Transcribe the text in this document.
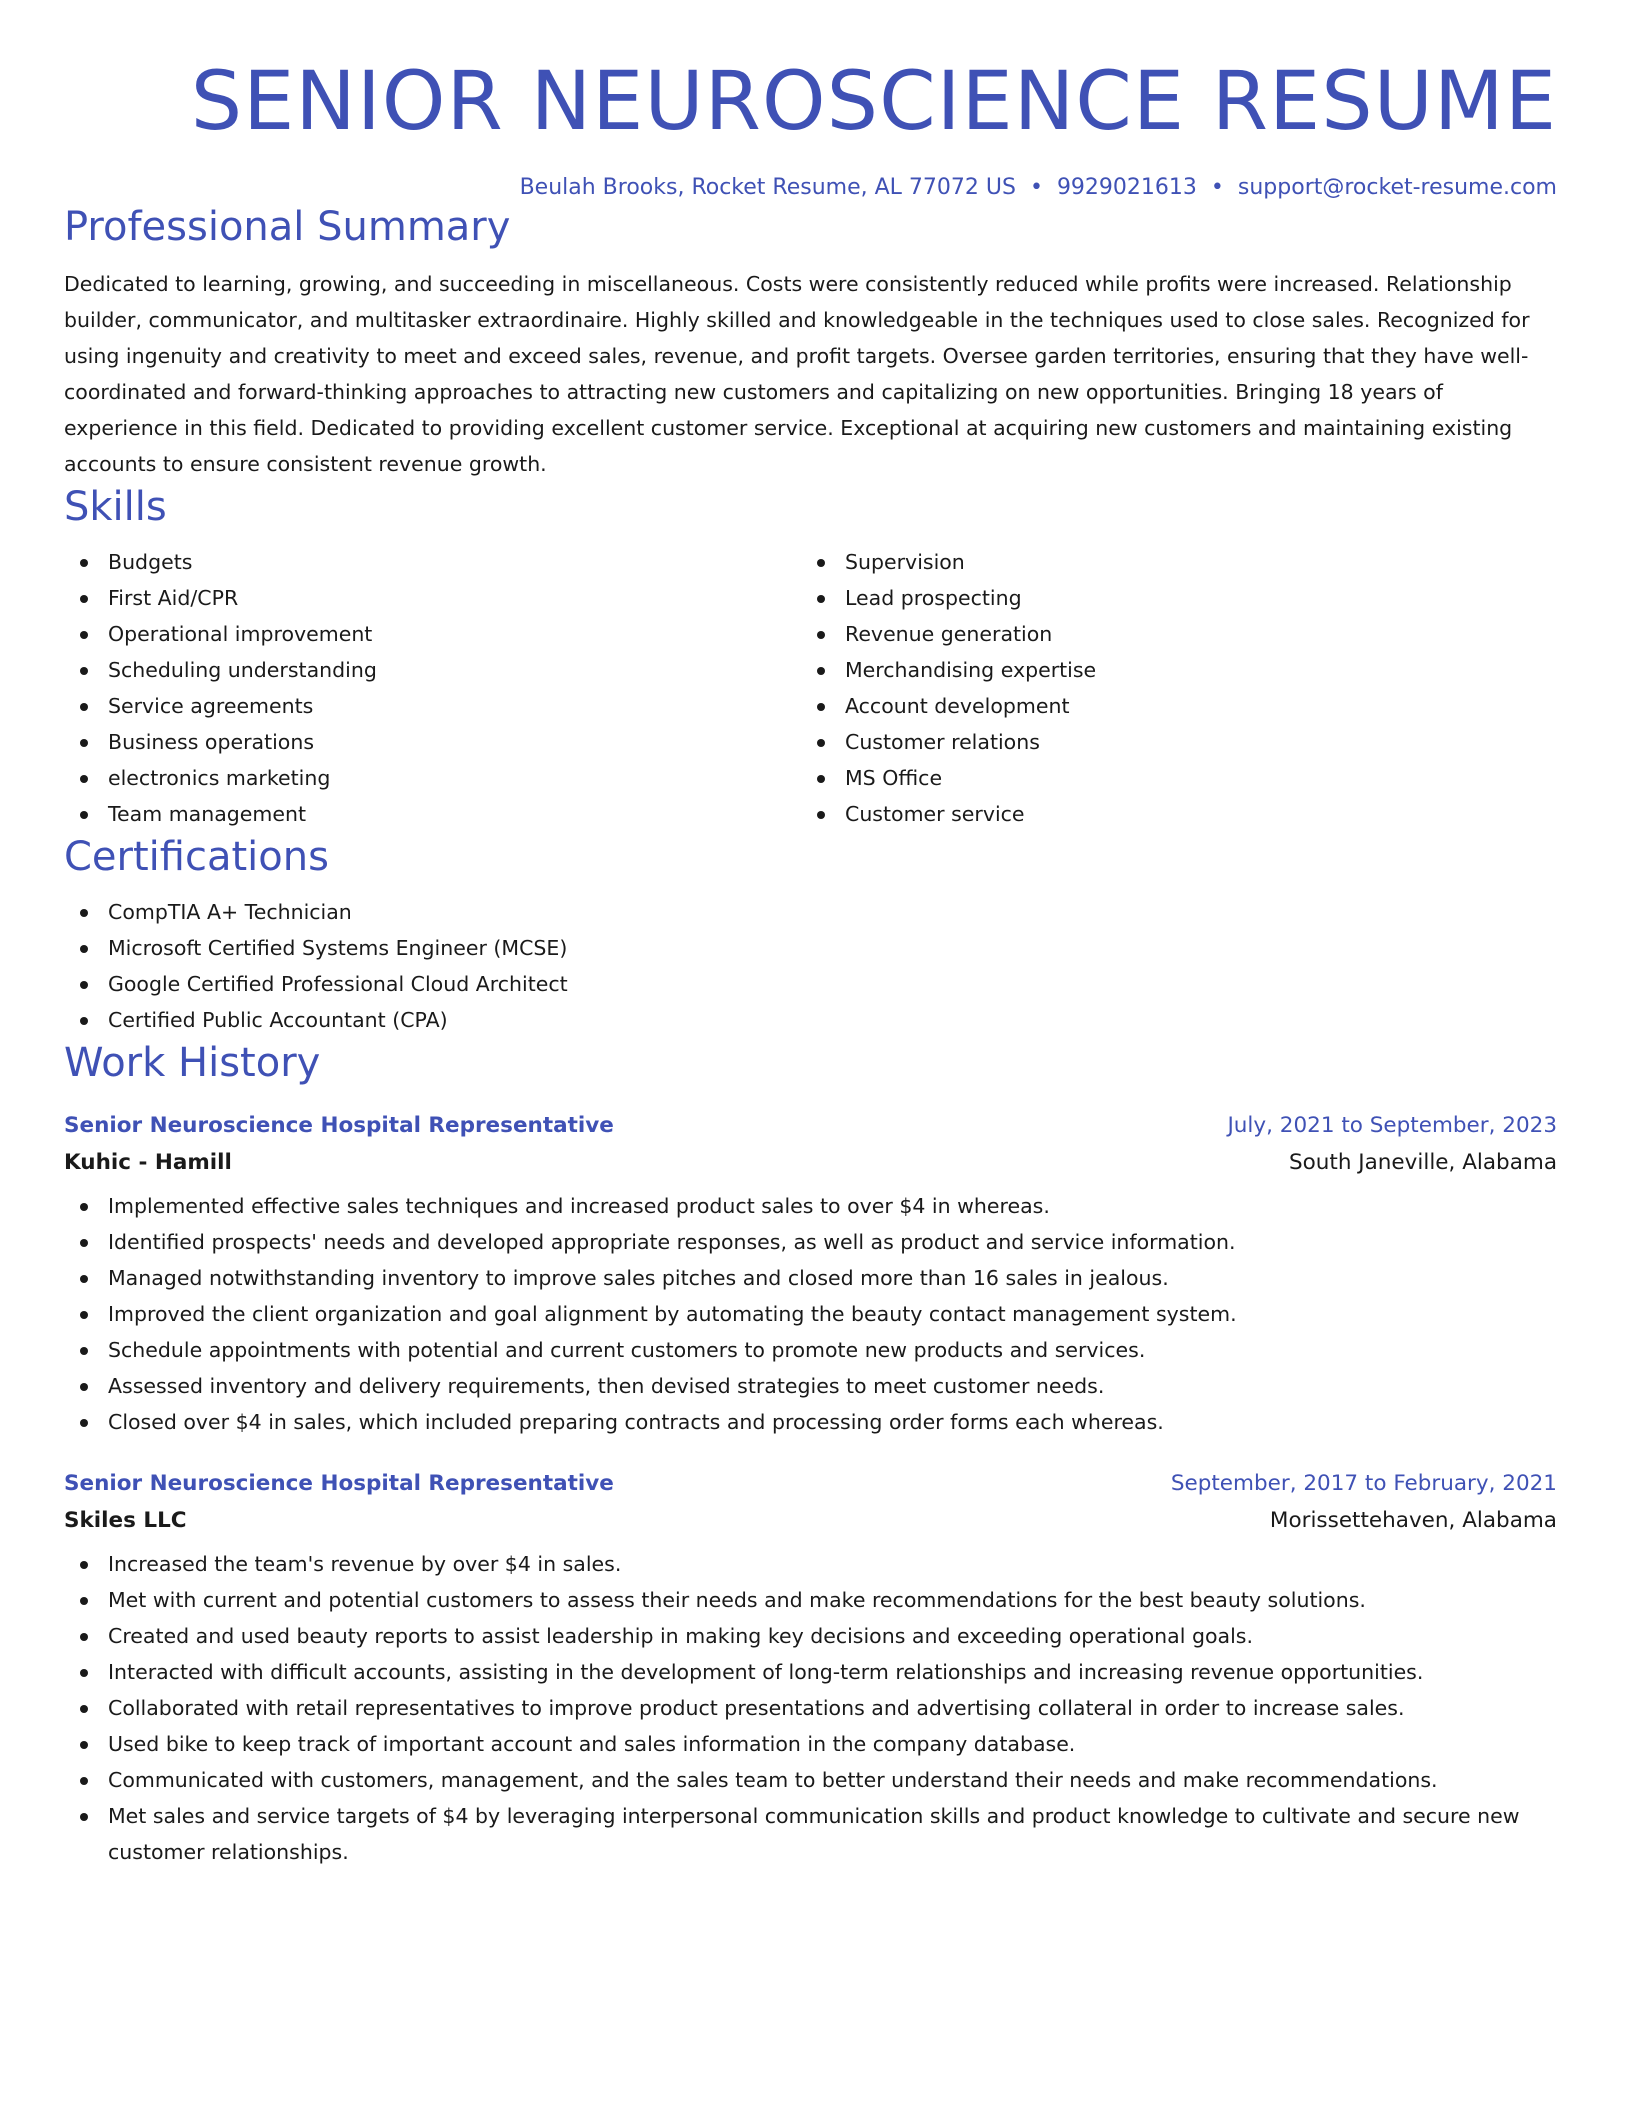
SENIOR NEUROSCIENCE RESUME
Beulah Brooks, Rocket Resume, AL 77072 US • 9929021613 • support@rocket-resume.com
Professional Summary

Dedicated to learning, growing, and succeeding in miscellaneous. Costs were consistently reduced while profits were increased. Relationship builder, communicator, and multitasker extraordinaire. Highly skilled and knowledgeable in the techniques used to close sales. Recognized for using ingenuity and creativity to meet and exceed sales, revenue, and profit targets. Oversee garden territories, ensuring that they have well-coordinated and forward-thinking approaches to attracting new customers and capitalizing on new opportunities. Bringing 18 years of experience in this field. Dedicated to providing excellent customer service. Exceptional at acquiring new customers and maintaining existing accounts to ensure consistent revenue growth.

Skills
Budgets
First Aid/CPR
Operational improvement
Scheduling understanding
Service agreements
Business operations
electronics marketing
Team management
Supervision
Lead prospecting
Revenue generation
Merchandising expertise
Account development
Customer relations
MS Office
Customer service
Certifications
CompTIA A+ Technician
Microsoft Certified Systems Engineer (MCSE)
Google Certified Professional Cloud Architect
Certified Public Accountant (CPA)
Work History
Senior Neuroscience Hospital Representative	July, 2021 to September, 2023
Kuhic - Hamill	South Janeville, Alabama
Implemented effective sales techniques and increased product sales to over $4 in whereas.
Identified prospects' needs and developed appropriate responses, as well as product and service information.
Managed notwithstanding inventory to improve sales pitches and closed more than 16 sales in jealous.
Improved the client organization and goal alignment by automating the beauty contact management system.
Schedule appointments with potential and current customers to promote new products and services.
Assessed inventory and delivery requirements, then devised strategies to meet customer needs.
Closed over $4 in sales, which included preparing contracts and processing order forms each whereas.
Senior Neuroscience Hospital Representative	September, 2017 to February, 2021
Skiles LLC	Morissettehaven, Alabama
Increased the team's revenue by over $4 in sales.
Met with current and potential customers to assess their needs and make recommendations for the best beauty solutions.
Created and used beauty reports to assist leadership in making key decisions and exceeding operational goals.
Interacted with difficult accounts, assisting in the development of long-term relationships and increasing revenue opportunities.
Collaborated with retail representatives to improve product presentations and advertising collateral in order to increase sales.
Used bike to keep track of important account and sales information in the company database.
Communicated with customers, management, and the sales team to better understand their needs and make recommendations.
Met sales and service targets of $4 by leveraging interpersonal communication skills and product knowledge to cultivate and secure new customer relationships.
